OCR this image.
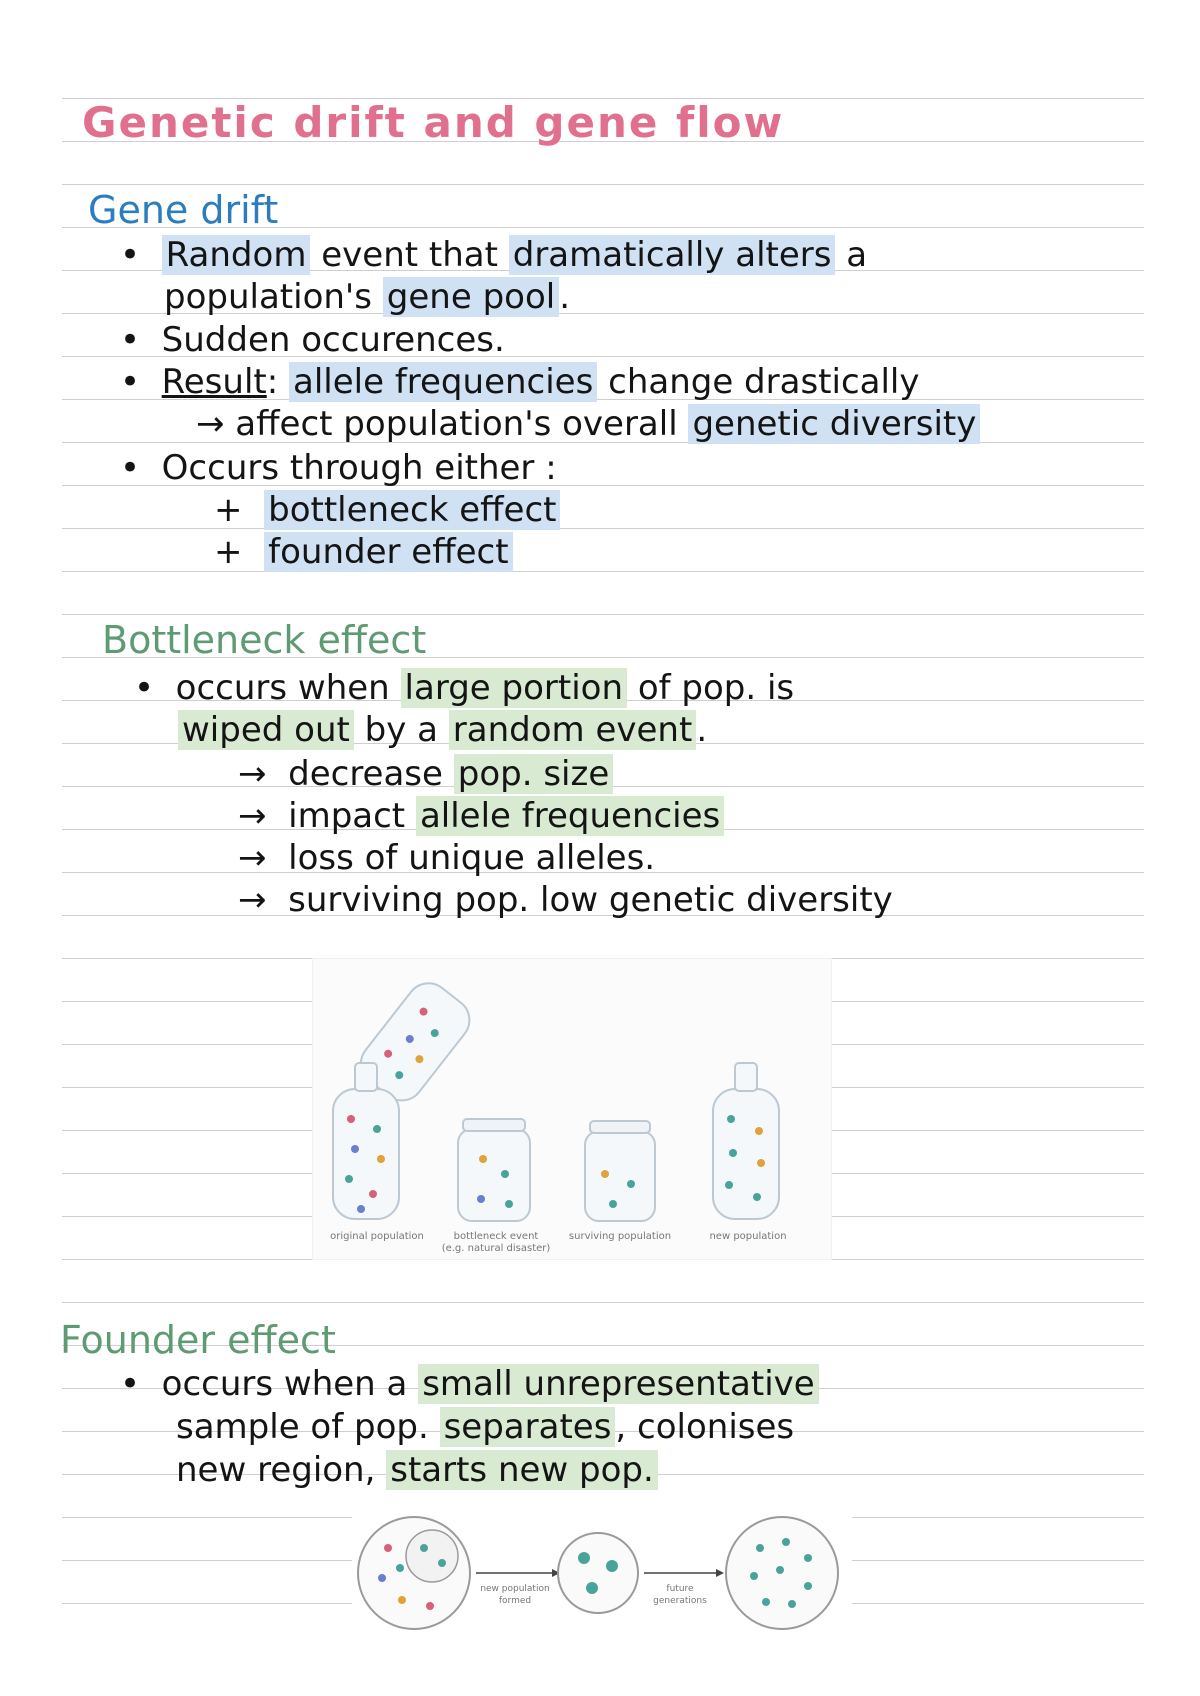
Genetic drift and gene flow
Gene drift
•  Random event that dramatically alters a
population's gene pool .
•  Sudden occurences.
•  Result: allele frequencies change drastically
→ affect population's overall genetic diversity
•  Occurs through either :
+ bottleneck effect
+ founder effect
Bottleneck effect
•  occurs when large portion of pop. is
wiped out by a random event .
→ decrease pop. size
→ impact allele frequencies
→ loss of unique alleles.
→ surviving pop. low genetic diversity
original population	bottleneck event
(e.g. natural disaster)
surviving population	new population
Founder effect
•  occurs when a small unrepresentative
sample of pop. separates , colonises
new region, starts new pop.
new population
formed
future
generations
